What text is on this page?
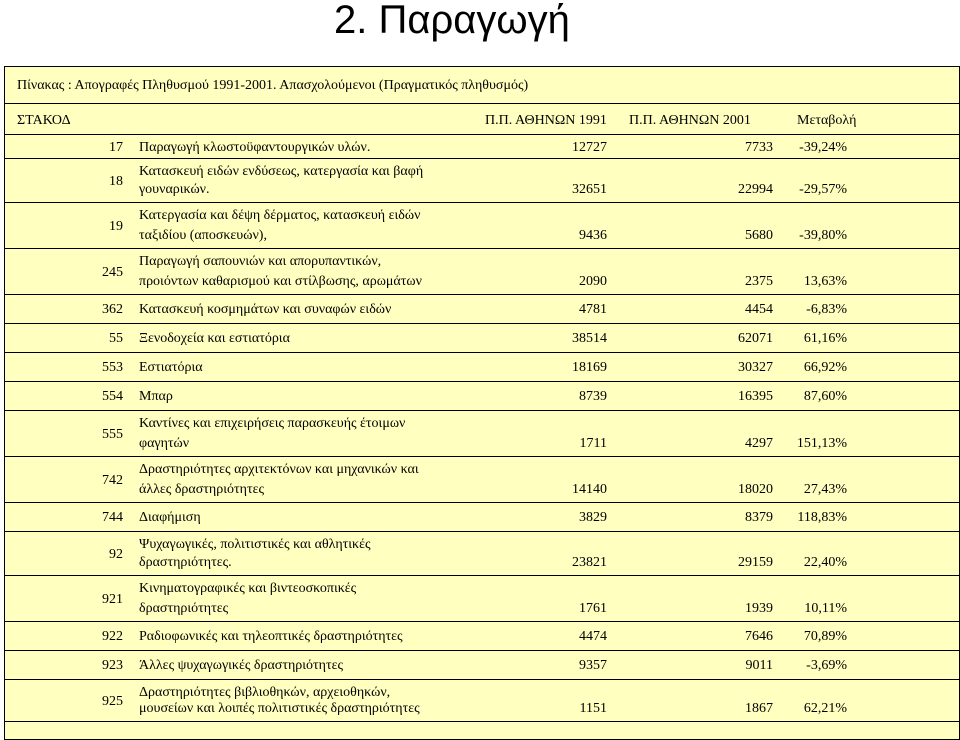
2. Παραγωγή
Πίνακας : Απογραφές Πληθυσμού 1991-2001. Απασχολούμενοι (Πραγματικός πληθυσμός)
ΣΤΑΚΟΔ	Π.Π. ΑΘΗΝΩΝ 1991 Π.Π. ΑΘΗΝΩΝ 2001	Μεταβολή
17 Παραγωγή κλωστοϋφαντουργικών υλών.	12727	7733 -39,24%
18
Κατασκευή ειδών ενδύσεως, κατεργασία και βαφή
γουναρικών.	32651	22994 -29,57%
19
Κατεργασία και δέψη δέρματος, κατασκευή ειδών
ταξιδίου (αποσκευών),	9436	5680 -39,80%
245
Παραγωγή σαπουνιών και απορυπαντικών,
προιόντων καθαρισμού και στίλβωσης, αρωμάτων	2090	2375 13,63%
362 Κατασκευή κοσμημάτων και συναφών ειδών	4781	4454 -6,83%
55 Ξενοδοχεία και εστιατόρια	38514	62071 61,16%
553 Εστιατόρια	18169	30327 66,92%
554 Μπαρ	8739	16395 87,60%
555
Καντίνες και επιχειρήσεις παρασκευής έτοιμων
φαγητών	1711	4297 151,13%
742
Δραστηριότητες αρχιτεκτόνων και μηχανικών και
άλλες δραστηριότητες	14140	18020 27,43%
744 Διαφήμιση	3829	8379 118,83%
92
Ψυχαγωγικές, πολιτιστικές και αθλητικές
δραστηριότητες.	23821	29159 22,40%
921
Κινηματογραφικές και βιντεοσκοπικές
δραστηριότητες	1761	1939 10,11%
922 Ραδιοφωνικές και τηλεοπτικές δραστηριότητες	4474	7646 70,89%
923 Άλλες ψυχαγωγικές δραστηριότητες	9357	9011 -3,69%
925
Δραστηριότητες βιβλιοθηκών, αρχειοθηκών,
μουσείων και λοιπές πολιτιστικές δραστηριότητες	1151	1867 62,21%
